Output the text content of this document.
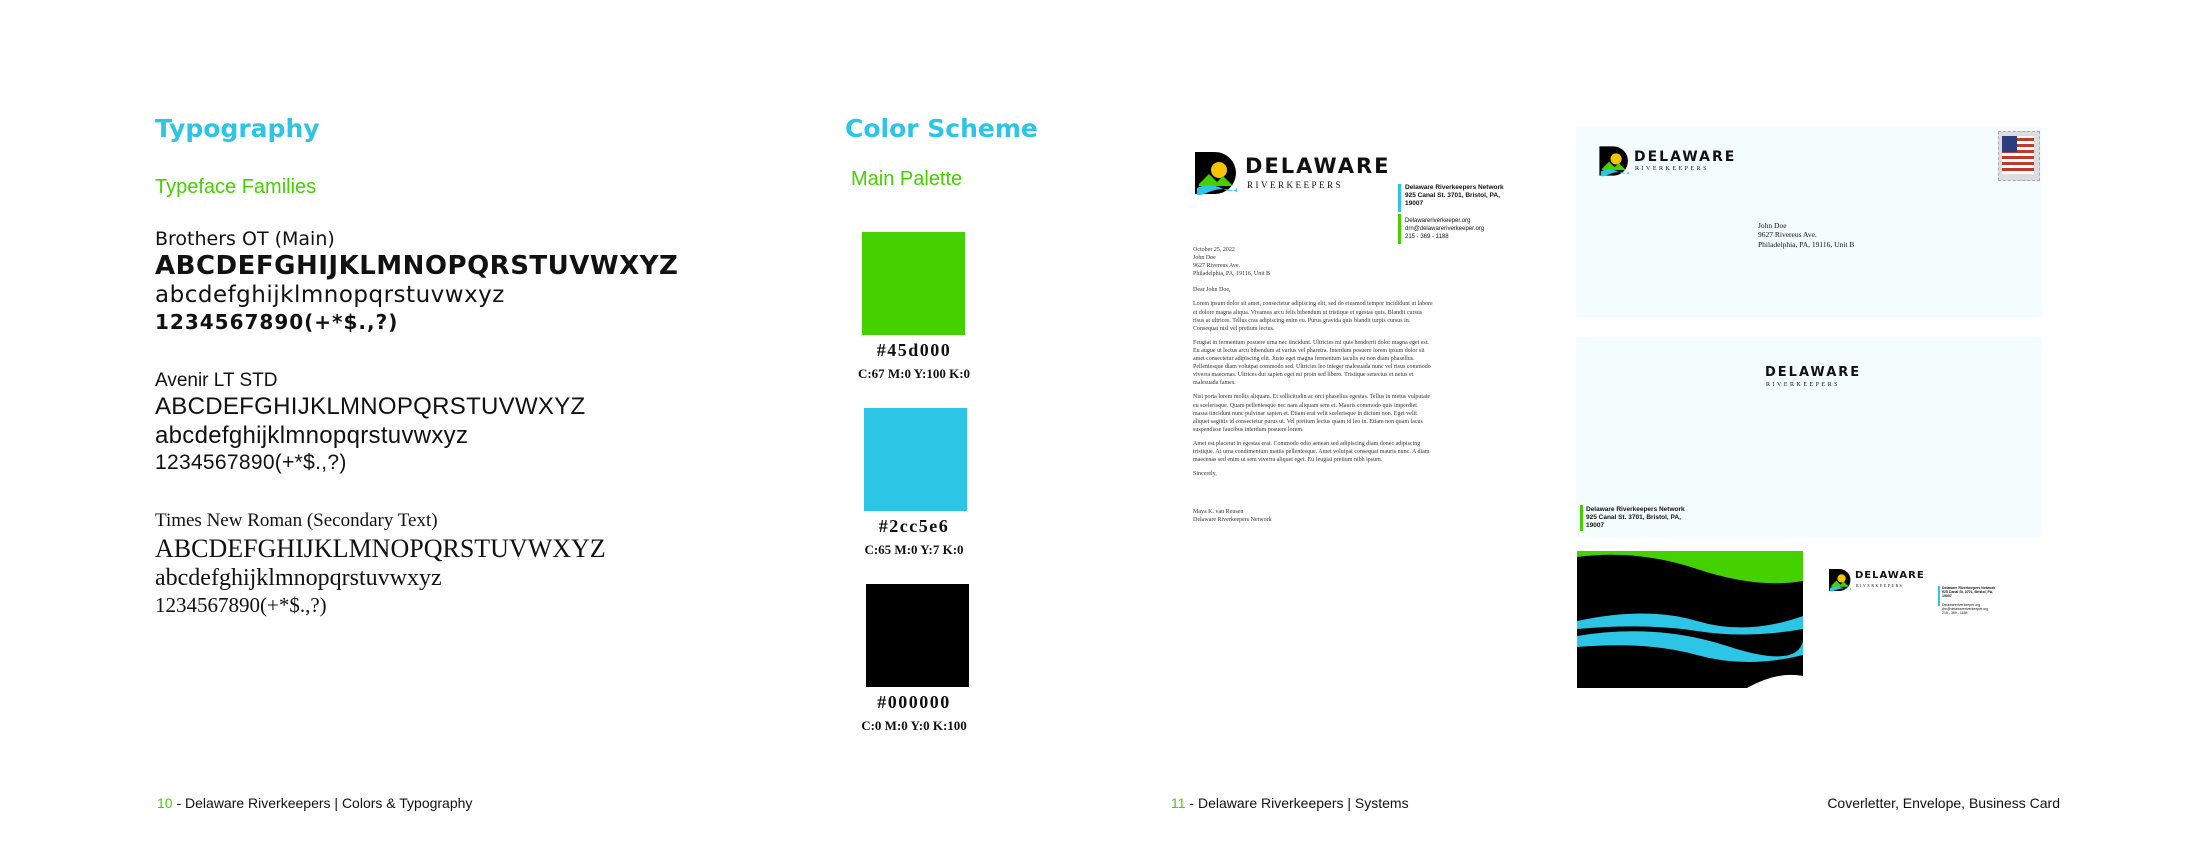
Typography
Typeface Families
Brothers OT (Main)
ABCDEFGHIJKLMNOPQRSTUVWXYZ
abcdefghijklmnopqrstuvwxyz
1234567890(+*$.,?)
Avenir LT STD
ABCDEFGHIJKLMNOPQRSTUVWXYZ
abcdefghijklmnopqrstuvwxyz
1234567890(+*$.,?)
Times New Roman (Secondary Text)
ABCDEFGHIJKLMNOPQRSTUVWXYZ
abcdefghijklmnopqrstuvwxyz
1234567890(+*$.,?)
Color Scheme
Main Palette
#45d000
C:67 M:0 Y:100 K:0
#2cc5e6
C:65 M:0 Y:7 K:0
#000000
C:0 M:0 Y:0 K:100
10 - Delaware Riverkeepers | Colors & Typography
DELAWARE
RIVERKEEPERS	Delaware Riverkeepers Network
925 Canal St. 3701, Bristol, PA,
19007
Delawareriverkeeper.org
drn@delawareriverkeeper.org
215 - 369 - 1188
October 25, 2022
John Doe
9627 Rivereus Ave.
Philadelphia, PA, 19116, Unit B
Dear John Doe,
Lorem ipsum dolor sit amet, consectetur adipiscing elit, sed do eiusmod tempor incididunt ut labore et dolore magna aliqua. Vivamus arcu felis bibendum ut tristique et egestas quis. Blandit cursus risus at ultrices. Tellus cras adipiscing enim eu. Purus gravida quis blandit turpis cursus in. Consequat nisl vel pretium lectus.
Feugiat in fermentum posuere urna nec tincidunt. Ultricies mi quis hendrerit dolor magna eget est. Eu augue ut lectus arcu bibendum at varius vel pharetra. Interdum posuere lorem ipsum dolor sit amet consectetur adipiscing elit. Justo eget magna fermentum iaculis eu non diam phasellus. Pellentesque diam volutpat commodo sed. Ultricies leo integer malesuada nunc vel risus commodo viverra maecenas. Ultrices dui sapien eget mi proin sed libero. Tristique senectus et netus et malesuada fames.
Nisi porta lorem mollis aliquam. Et sollicitudin ac orci phasellus egestas. Tellus in metus vulputate eu scelerisque. Quam pellentesque nec nam aliquam sem et. Mauris commodo quis imperdiet massa tincidunt nunc pulvinar sapien et. Etiam erat velit scelerisque in dictum non. Eget velit aliquet sagittis id consectetur purus ut. Vel pretium lectus quam id leo in. Etiam non quam lacus suspendisse faucibus interdum posuere lorem.
Amet est placerat in egestas erat. Commodo odio aenean sed adipiscing diam donec adipiscing tristique. At urna condimentum mattis pellentesque. Amet volutpat consequat mauris nunc. A diam maecenas sed enim ut sem viverra aliquet eget. Eu feugiat pretium nibh ipsum.
Sincerely,
Maya K. van Reusen
Delaware Riverkeepers Network
DELAWARE
RIVERKEEPERS
John Doe
9627 Rivereus Ave.
Philadelphia, PA, 19116, Unit B
DELAWARE
RIVERKEEPERS
Delaware Riverkeepers Network
925 Canal St. 3701, Bristol, PA,
19007
DELAWARE
RIVERKEEPERS	Delaware Riverkeepers Network
925 Canal St. 3701, Bristol, PA,
19007
Delawareriverkeeper.org
drn@delawareriverkeeper.org
215 - 369 - 1188
11 - Delaware Riverkeepers | Systems	Coverletter, Envelope, Business Card
